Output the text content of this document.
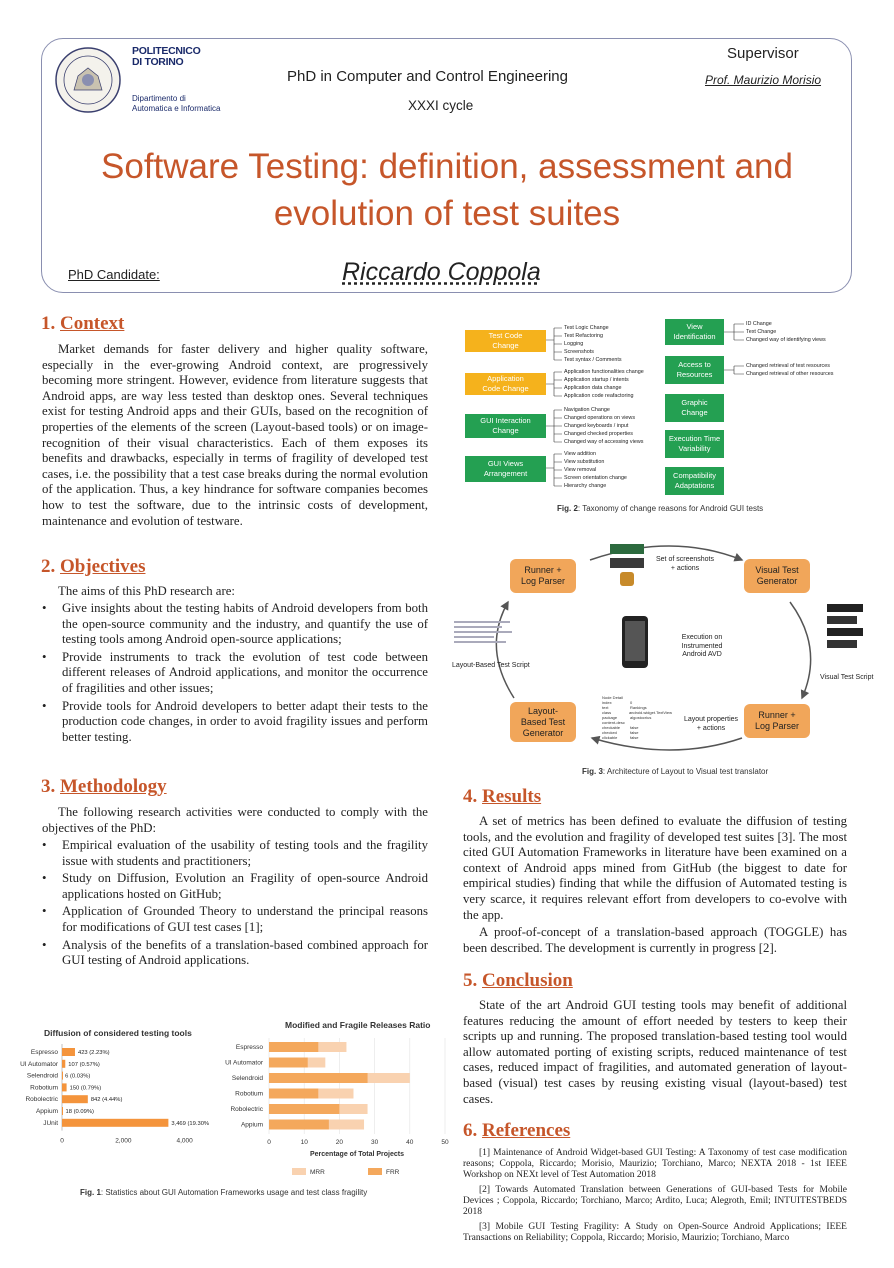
POLITECNICO
DI TORINO
Dipartimento di
Automatica e Informatica
PhD in Computer and Control Engineering
XXXI cycle
Supervisor
Prof. Maurizio Morisio
Software Testing: definition, assessment and evolution of test suites
PhD Candidate:	Riccardo Coppola
1. Context
Market demands for faster delivery and higher quality software, especially in the ever-growing Android context, are progressively becoming more stringent. However, evidence from literature suggests that Android apps, are way less tested than desktop ones. Several techniques exist for testing Android apps and their GUIs, based on the recognition of properties of the elements of the screen (Layout-based tools) or on image-recognition of their visual characteristics. Each of them exposes its benefits and drawbacks, especially in terms of fragility of developed test cases, i.e. the possibility that a test case breaks during the normal evolution of the application. Thus, a key hindrance for software companies becomes how to test the software, due to the intrinsic costs of development, maintenance and evolution of testware.
2. Objectives
The aims of this PhD research are:
• Give insights about the testing habits of Android developers from both the open-source community and the industry, and quantify the use of testing tools among Android open-source applications;
• Provide instruments to track the evolution of test code between different releases of Android applications, and monitor the occurrence of fragilities and other issues;
• Provide tools for Android developers to better adapt their tests to the production code changes, in order to avoid fragility issues and perform better testing.
3. Methodology
The following research activities were conducted to comply with the objectives of the PhD:
• Empirical evaluation of the usability of testing tools and the fragility issue with students and practitioners;
• Study on Diffusion, Evolution an Fragility of open-source Android applications hosted on GitHub;
• Application of Grounded Theory to understand the principal reasons for modifications of GUI test cases [1];
• Analysis of the benefits of a translation-based combined approach for GUI testing of Android applications.
Diffusion of considered testing tools
Espresso	423 (2.23%)
UI Automator 107 (0.57%)
Selendroid 6 (0.03%)
Robotium 150 (0.79%)
Robolectric	842 (4.44%)
Appium 18 (0.09%)
JUnit	3,469 (19.30%
0	2,000	4,000
Modified and Fragile Releases Ratio
Espresso
UI Automator
Selendroid
Robotium
Robolectric
Appium
0	10	20	30	40	50
Percentage of Total Projects
MRR	FRR
Fig. 1: Statistics about GUI Automation Frameworks usage and test class fragility
Test Code
Change
Application
Code Change
GUI Interaction
Change
GUI Views
Arrangement
Test Logic Change
Test Refactoring
Logging
Screenshots
Test syntax / Comments
Application functionalities change
Application startup / intents
Application data change
Application code reafactoring
Navigation Change
Changed operations on views
Changed keyboards / input
Changed checked properties
Changed way of accessing views
View addition
View substitution
View removal
Screen orientation change
Hierarchy change
View
Identification
Access to
Resources
Graphic
Change
Execution Time
Variability
Compatibility
Adaptations
ID Change
Text Change
Changed way of identifying views
Changed retrieval of test resources
Changed retrieval of other resources
Fig. 2: Taxonomy of change reasons for Android GUI tests
Runner +
Log Parser
Visual Test
Generator
Runner +
Log Parser
Layout-
Based Test
Generator
Set of screenshots
+ actions
Execution on
Instrumented
Android AVD
Layout-Based Test Script
Visual Test Script
Node Detail
index	0
text	Rankings
class	android.widget.TextView
package	algostocrius
content-desc
checkable	false
checked	false
clickable	false
Layout properties
+ actions
Fig. 3: Architecture of Layout to Visual test translator
4. Results
A set of metrics has been defined to evaluate the diffusion of testing tools, and the evolution and fragility of developed test suites [3]. The most cited GUI Automation Frameworks in literature have been examined on a context of Android apps mined from GitHub (the biggest to date for empirical studies) finding that while the diffusion of Automated testing is very scarce, it requires relevant effort from developers to co-evolve with the app.
A proof-of-concept of a translation-based approach (TOGGLE) has been described. The development is currently in progress [2].
5. Conclusion
State of the art Android GUI testing tools may benefit of additional features reducing the amount of effort needed by testers to keep their scripts up and running. The proposed translation-based testing tool would allow automated porting of existing scripts, reduced maintenance of test cases, reduced impact of fragilities, and automated generation of layout-based (visual) test cases by reusing existing visual (layout-based) test cases.
6. References
[1] Maintenance of Android Widget-based GUI Testing: A Taxonomy of test case modification reasons; Coppola, Riccardo; Morisio, Maurizio; Torchiano, Marco; NEXTA 2018 - 1st IEEE Workshop on NEXt level of Test Automation 2018
[2] Towards Automated Translation between Generations of GUI-based Tests for Mobile Devices ; Coppola, Riccardo; Torchiano, Marco; Ardito, Luca; Alegroth, Emil; INTUITESTBEDS 2018
[3] Mobile GUI Testing Fragility: A Study on Open-Source Android Applications; IEEE Transactions on Reliability; Coppola, Riccardo; Morisio, Maurizio; Torchiano, Marco
